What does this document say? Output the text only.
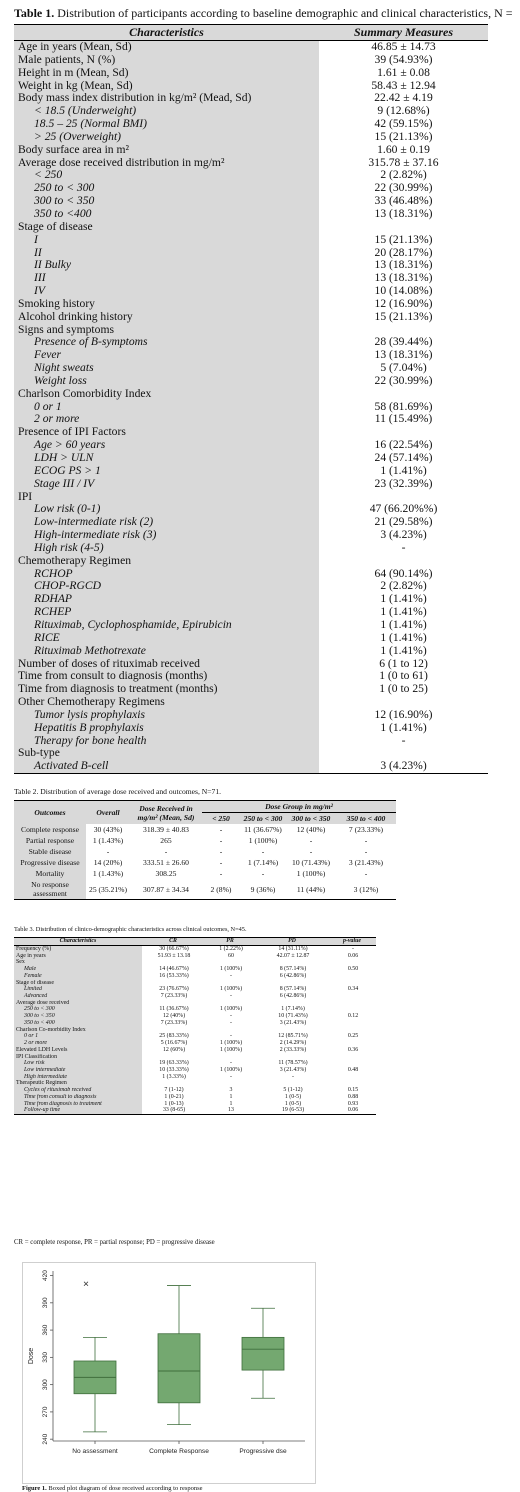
Table 1. Distribution of participants according to baseline demographic and clinical characteristics, N =
Characteristics	Summary Measures
Age in years (Mean, Sd)	46.85 ± 14.73
Male patients, N (%)	39 (54.93%)
Height in m (Mean, Sd)	1.61 ± 0.08
Weight in kg (Mean, Sd)	58.43 ± 12.94
Body mass index distribution in kg/m² (Mead, Sd)	22.42 ± 4.19
< 18.5 (Underweight)	9 (12.68%)
18.5 – 25 (Normal BMI)	42 (59.15%)
> 25 (Overweight)	15 (21.13%)
Body surface area in m²	1.60 ± 0.19
Average dose received distribution in mg/m²	315.78 ± 37.16
< 250	2 (2.82%)
250 to < 300	22 (30.99%)
300 to < 350	33 (46.48%)
350 to <400	13 (18.31%)
Stage of disease	
I	15 (21.13%)
II	20 (28.17%)
II Bulky	13 (18.31%)
III	13 (18.31%)
IV	10 (14.08%)
Smoking history	12 (16.90%)
Alcohol drinking history	15 (21.13%)
Signs and symptoms	
Presence of B-symptoms	28 (39.44%)
Fever	13 (18.31%)
Night sweats	5 (7.04%)
Weight loss	22 (30.99%)
Charlson Comorbidity Index	
0 or 1	58 (81.69%)
2 or more	11 (15.49%)
Presence of IPI Factors	
Age > 60 years	16 (22.54%)
LDH > ULN	24 (57.14%)
ECOG PS > 1	1 (1.41%)
Stage III / IV	23 (32.39%)
IPI	
Low risk (0-1)	47 (66.20%%)
Low-intermediate risk (2)	21 (29.58%)
High-intermediate risk (3)	3 (4.23%)
High risk (4-5)	-
Chemotherapy Regimen	
RCHOP	64 (90.14%)
CHOP-RGCD	2 (2.82%)
RDHAP	1 (1.41%)
RCHEP	1 (1.41%)
Rituximab, Cyclophosphamide, Epirubicin	1 (1.41%)
RICE	1 (1.41%)
Rituximab Methotrexate	1 (1.41%)
Number of doses of rituximab received	6 (1 to 12)
Time from consult to diagnosis (months)	1 (0 to 61)
Time from diagnosis to treatment (months)	1 (0 to 25)
Other Chemotherapy Regimens	
Tumor lysis prophylaxis	12 (16.90%)
Hepatitis B prophylaxis	1 (1.41%)
Therapy for bone health	-
Sub-type	
Activated B-cell	3 (4.23%)
Table 2. Distribution of average dose received and outcomes, N=71.
Outcomes	Overall	Dose Received in mg/m² (Mean, Sd)	Dose Group in mg/m²			
			< 250	250 to < 300	300 to < 350	350 to < 400
Complete response	30 (43%)	318.39 ± 40.83	-	11 (36.67%)	12 (40%)	7 (23.33%)
Partial response	1 (1.43%)	265	-	1 (100%)	-	-
Stable disease	-	-	-	-	-	-
Progressive disease	14 (20%)	333.51 ± 26.60	-	1 (7.14%)	10 (71.43%)	3 (21.43%)
Mortality	1 (1.43%)	308.25	-	-	1 (100%)	-
No response assessment	25 (35.21%)	307.87 ± 34.34	2 (8%)	9 (36%)	11 (44%)	3 (12%)
Table 3. Distribution of clinico-demographic characteristics across clinical outcomes, N=45.
Characteristics	CR	PR	PD	p-value
Frequency (%)	30 (66.67%)	1 (2.22%)	14 (31.11%)	-
Age in years	51.93 ± 13.18	60	42.07 ± 12.87	0.06
Sex				
Male	14 (46.67%)	1 (100%)	8 (57.14%)	0.50
Female	16 (53.33%)	-	6 (42.86%)	
Stage of disease				
Limited	23 (76.67%)	1 (100%)	8 (57.14%)	0.34
Advanced	7 (23.33%)	-	6 (42.86%)	
Average dose received				
250 to < 300	11 (36.67%)	1 (100%)	1 (7.14%)	
300 to < 350	12 (40%)	-	10 (71.43%)	0.12
350 to < 400	7 (23.33%)	-	3 (21.43%)	
Charlson Co-morbidity Index				
0 or 1	25 (83.33%)	-	12 (85.71%)	0.25
2 or more	5 (16.67%)	1 (100%)	2 (14.29%)	
Elevated LDH Levels	12 (60%)	1 (100%)	2 (33.33%)	0.36
IPI Classification				
Low risk	19 (63.33%)	-	11 (78.57%)	
Low intermediate	10 (33.33%)	1 (100%)	3 (21.43%)	0.48
High intermediate	1 (3.33%)	-	-	
Therapeutic Regimen				
Cycles of rituximab received	7 (1-12)	3	5 (1-12)	0.15
Time from consult to diagnosis	1 (0-21)	1	1 (0-5)	0.88
Time from diagnosis to treatment	1 (0-13)	1	1 (0-5)	0.93
Follow-up time	33 (8-65)	13	19 (6-53)	0.06
CR = complete response, PR = partial response; PD = progressive disease
240
270
300
330
360
390
420
Dose
No assessment	Complete Response	Progressive dse
Figure 1. Boxed plot diagram of dose received according to response
